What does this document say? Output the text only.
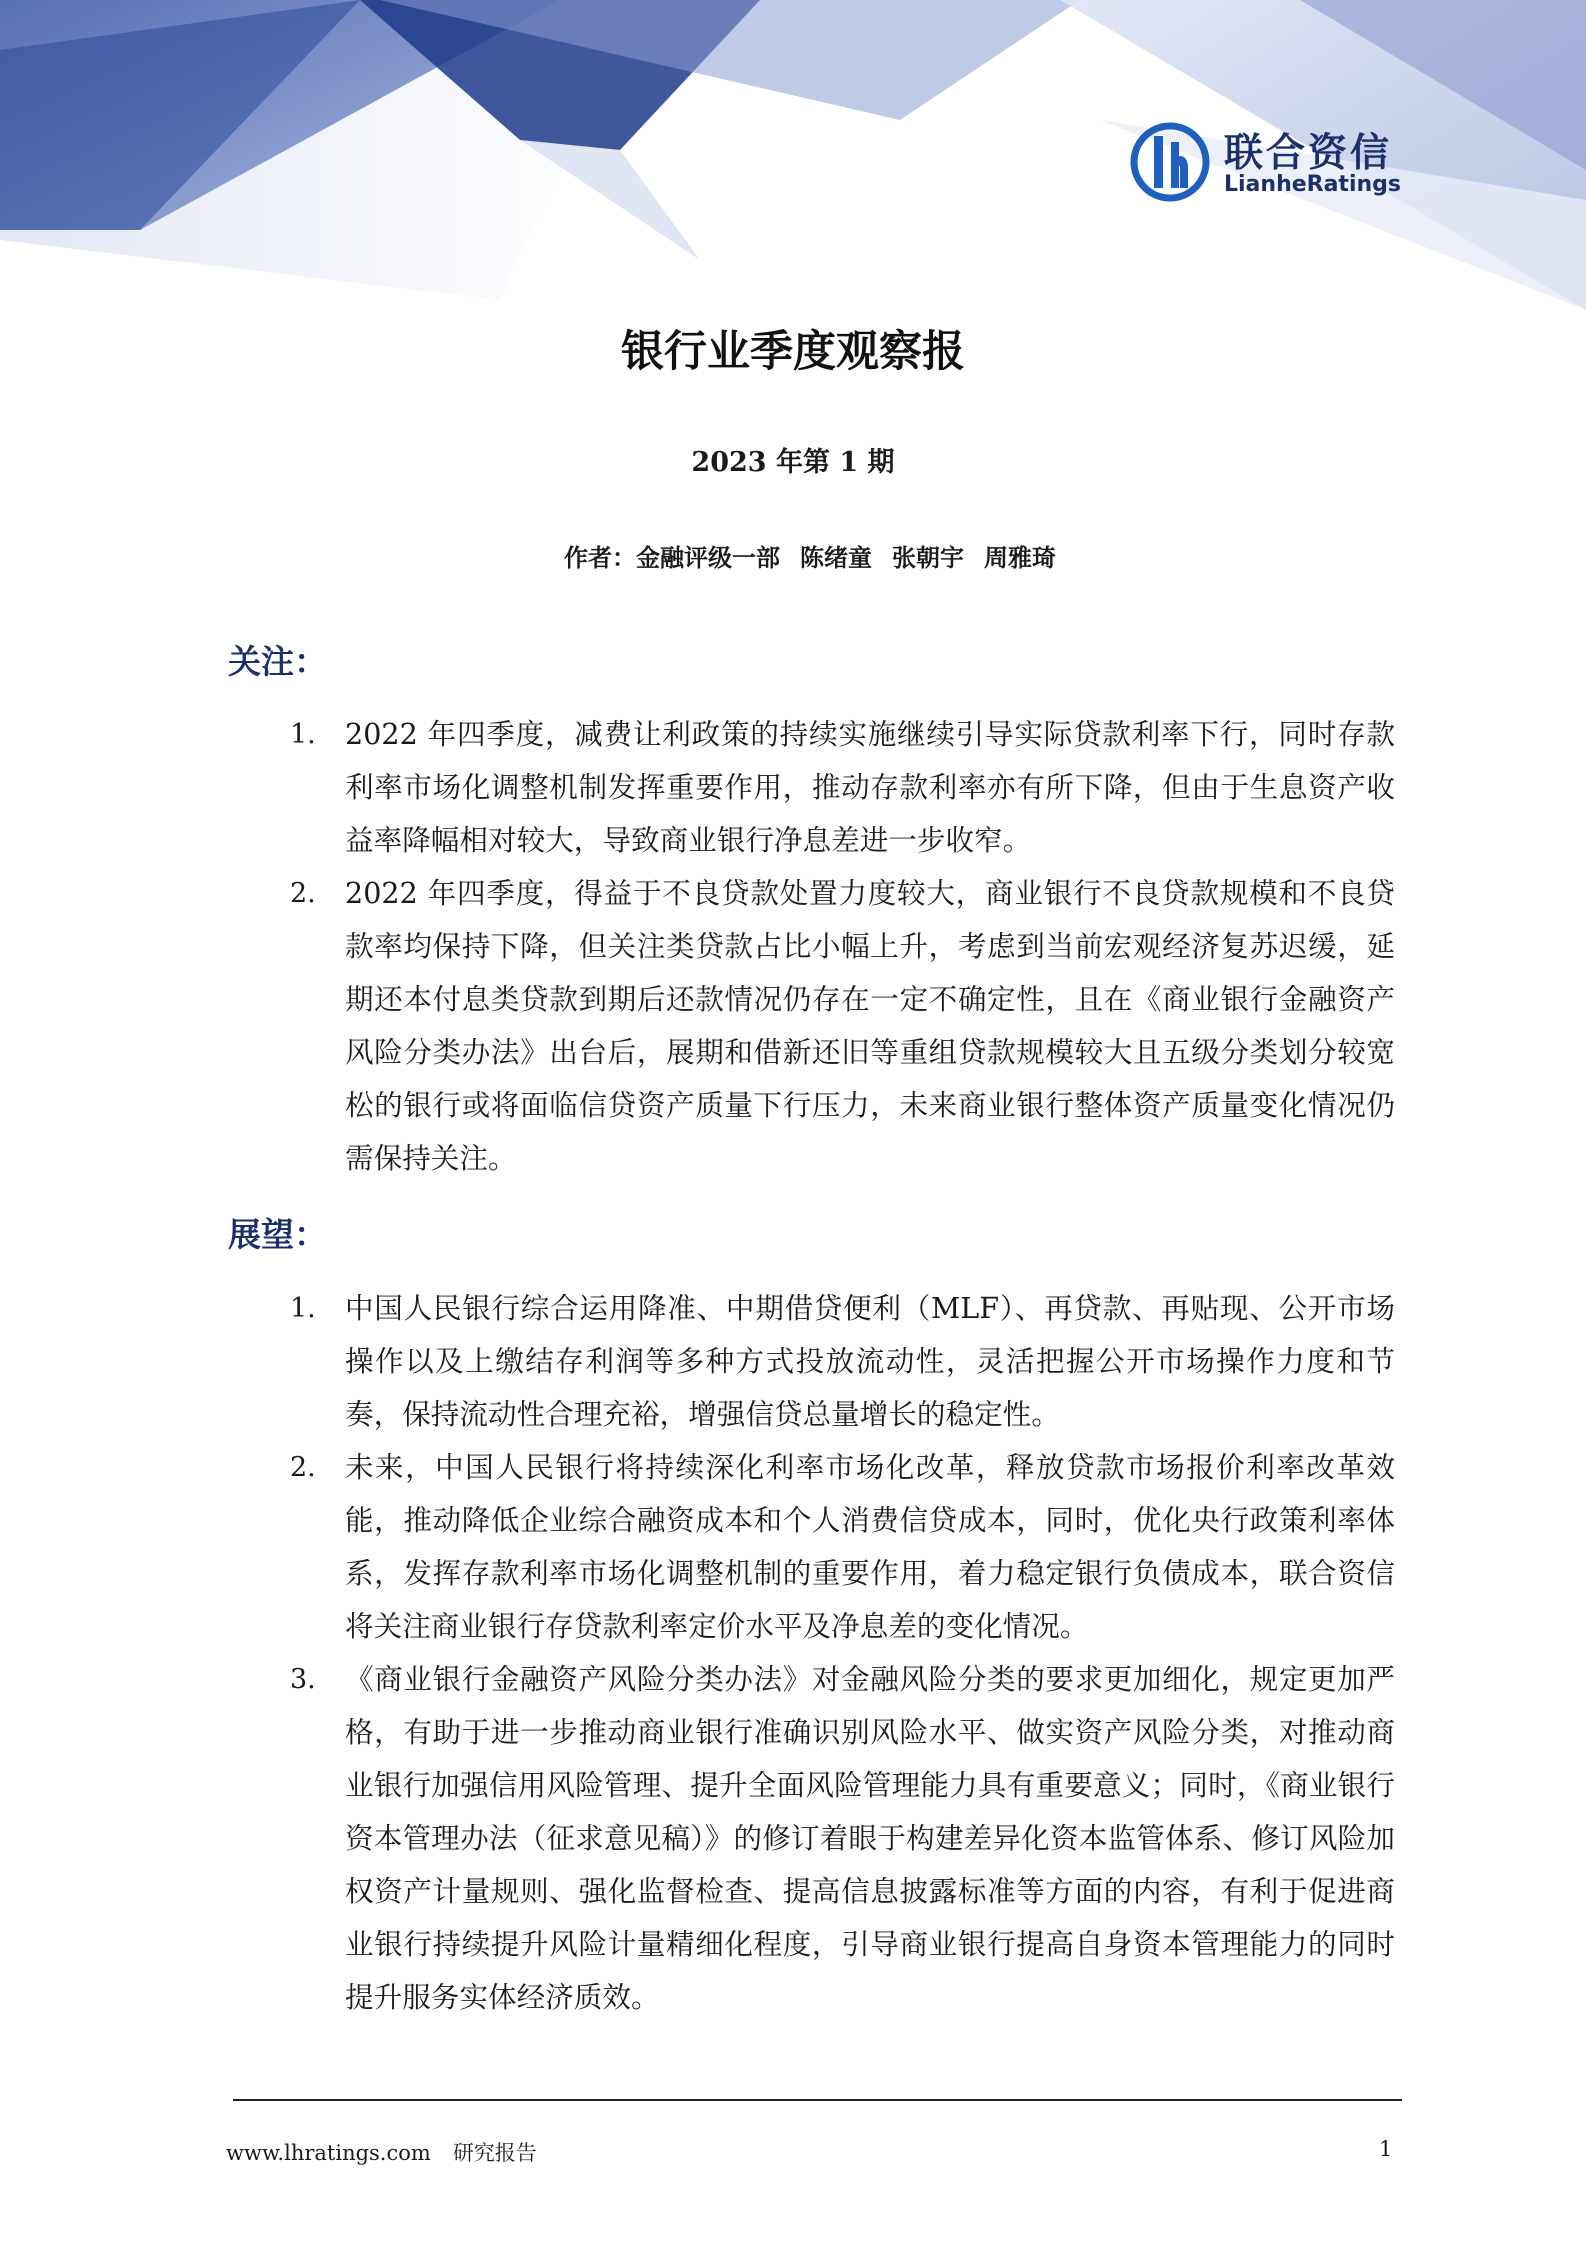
联合资信
LianheRatings
银行业季度观察报
2023 年第 1 期
作者：金融评级一部 陈绪童 张朝宇 周雅琦
关注：
1. 2022 年四季度，减费让利政策的持续实施继续引导实际贷款利率下行，同时存款利率市场化调整机制发挥重要作用，推动存款利率亦有所下降，但由于生息资产收益率降幅相对较大，导致商业银行净息差进一步收窄。
2. 2022 年四季度，得益于不良贷款处置力度较大，商业银行不良贷款规模和不良贷款率均保持下降，但关注类贷款占比小幅上升，考虑到当前宏观经济复苏迟缓，延期还本付息类贷款到期后还款情况仍存在一定不确定性，且在《商业银行金融资产风险分类办法》出台后，展期和借新还旧等重组贷款规模较大且五级分类划分较宽松的银行或将面临信贷资产质量下行压力，未来商业银行整体资产质量变化情况仍需保持关注。
展望：
1. 中国人民银行综合运用降准、中期借贷便利（MLF）、再贷款、再贴现、公开市场操作以及上缴结存利润等多种方式投放流动性，灵活把握公开市场操作力度和节奏，保持流动性合理充裕，增强信贷总量增长的稳定性。
2. 未来，中国人民银行将持续深化利率市场化改革，释放贷款市场报价利率改革效能，推动降低企业综合融资成本和个人消费信贷成本，同时，优化央行政策利率体系，发挥存款利率市场化调整机制的重要作用，着力稳定银行负债成本，联合资信将关注商业银行存贷款利率定价水平及净息差的变化情况。
3. 《商业银行金融资产风险分类办法》对金融风险分类的要求更加细化，规定更加严格，有助于进一步推动商业银行准确识别风险水平、做实资产风险分类，对推动商业银行加强信用风险管理、提升全面风险管理能力具有重要意义；同时，《商业银行资本管理办法（征求意见稿）》的修订着眼于构建差异化资本监管体系、修订风险加权资产计量规则、强化监督检查、提高信息披露标准等方面的内容，有利于促进商业银行持续提升风险计量精细化程度，引导商业银行提高自身资本管理能力的同时提升服务实体经济质效。
www.lhratings.com 研究报告	1
